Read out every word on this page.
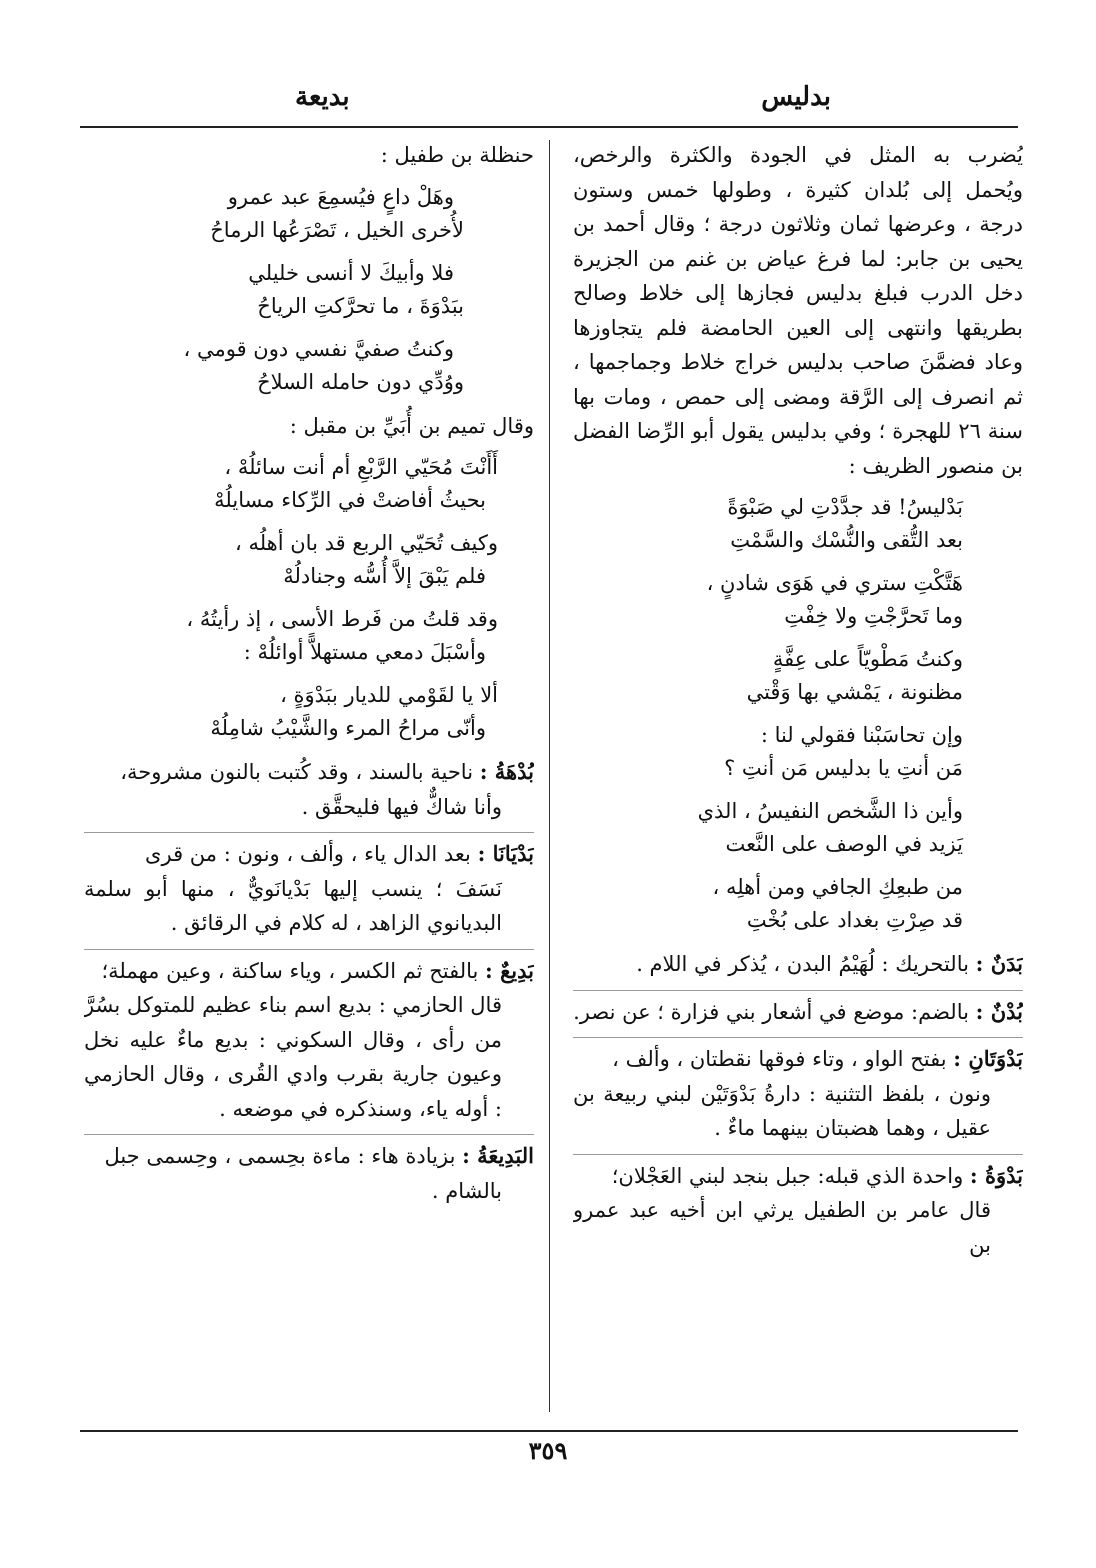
بدليس
بديعة

يُضرب به المثل في الجودة والكثرة والرخص، ويُحمل إلى بُلدان كثيرة ، وطولها خمس وستون درجة ، وعرضها ثمان وثلاثون درجة ؛ وقال أحمد بن يحيى بن جابر: لما فرغ عياض بن غنم من الجزيرة دخل الدرب فبلغ بدليس فجازها إلى خلاط وصالح بطريقها وانتهى إلى العين الحامضة فلم يتجاوزها وعاد فضمَّنَ صاحب بدليس خراج خلاط وجماجمها ، ثم انصرف إلى الرَّقة ومضى إلى حمص ، ومات بها سنة ٢٦ للهجرة ؛ وفي بدليس يقول أبو الرِّضا الفضل بن منصور الظريف :

بَدْليسُ! قد جدَّدْتِ لي صَبْوَةً
بعد التُّقى والنُّسْك والسَّمْتِ
هَتَّكْتِ ستري في هَوَى شادنٍ ،
وما تَحرَّجْتِ ولا خِفْتِ
وكنتُ مَطْويّاً على عِفَّةٍ
مظنونة ، يَمْشي بها وَقْتي
وإن تحاسَبْنا فقولي لنا :
مَن أنتِ يا بدليس مَن أنتِ ؟
وأين ذا الشَّخص النفيسُ ، الذي
يَزيد في الوصف على النَّعت
من طبعِكِ الجافي ومن أهلِه ،
قد صِرْتِ بغداد على بُخْتِ
بَدَنٌ : بالتحريك : لُهَيْمُ البدن ، يُذكر في اللام .
بُدْنٌ : بالضم: موضع في أشعار بني فزارة ؛ عن نصر.
بَدْوَتَانِ : بفتح الواو ، وتاء فوقها نقطتان ، وألف ،
ونون ، بلفظ التثنية : دارةُ بَدْوَتَيْن لبني ربيعة بن عقيل ، وهما هضبتان بينهما ماءٌ .
بَدْوَةُ : واحدة الذي قبله: جبل بنجد لبني العَجْلان؛
قال عامر بن الطفيل يرثي ابن أخيه عبد عمرو بن

حنظلة بن طفيل :

وهَلْ داعٍ فيُسمِعَ عبد عمرو
لأُخرى الخيل ، تَصْرَعُها الرماحُ
فلا وأبيكَ لا أنسى خليلي
ببَدْوَةَ ، ما تحرَّكتِ الرياحُ
وكنتُ صفيَّ نفسي دون قومي ،
ووُدِّي دون حامله السلاحُ

وقال تميم بن أُبَيِّ بن مقبل :

أَأَنْتَ مُحَيّي الرَّبْعِ أم أنت سائلُهْ ،
بحيثُ أفاضتْ في الرِّكاء مسايلُهْ
وكيف تُحَيّي الربع قد بان أهلُه ،
فلم يَبْقَ إلاَّ أُسُّه وجنادلُهْ
وقد قلتُ من فَرط الأسى ، إذ رأيتُهُ ،
وأسْبَلَ دمعي مستهلاًّ أوائلُهْ :
ألا يا لقَوْمي للديار ببَدْوَةٍ ،
وأنّى مراحُ المرء والشَّيْبُ شامِلُهْ
بُدْهَةُ : ناحية بالسند ، وقد كُتبت بالنون مشروحة،
وأنا شاكٌّ فيها فليحقَّق .
بَدْيَانَا : بعد الدال ياء ، وألف ، ونون : من قرى
نَسَفَ ؛ ينسب إليها بَدْيانَويٌّ ، منها أبو سلمة البديانوي الزاهد ، له كلام في الرقائق .
بَدِيعٌ : بالفتح ثم الكسر ، وياء ساكنة ، وعين مهملة؛
قال الحازمي : بديع اسم بناء عظيم للمتوكل بسُرَّ من رأى ، وقال السكوني : بديع ماءٌ عليه نخل وعيون جارية بقرب وادي القُرى ، وقال الحازمي : أوله ياء، وسنذكره في موضعه .
البَدِيعَةُ : بزيادة هاء : ماءة بحِسمى ، وحِسمى جبل
بالشام .
٣٥٩
